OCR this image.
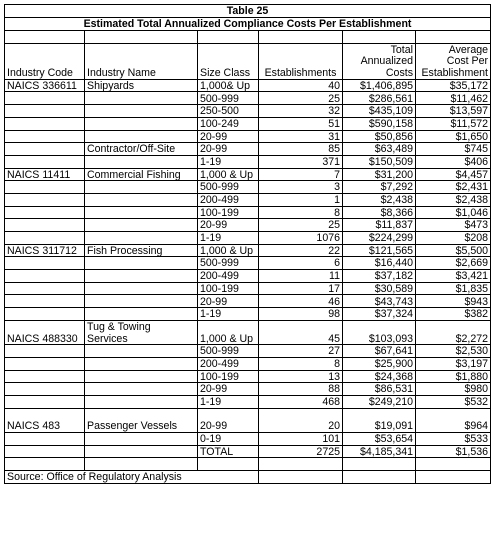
Table 25					
Estimated Total Annualized Compliance Costs Per Establishment					

				Total	Average
				Annualized	Cost Per
Industry Code	Industry Name	Size Class	Establishments	Costs	Establishment
NAICS 336611	Shipyards	1,000& Up	40	$1,406,895	$35,172
		500-999	25	$286,561	$11,462
		250-500	32	$435,109	$13,597
		100-249	51	$590,158	$11,572
		20-99	31	$50,856	$1,650
	Contractor/Off-Site	20-99	85	$63,489	$745
		1-19	371	$150,509	$406
NAICS 11411	Commercial Fishing	1,000 & Up	7	$31,200	$4,457
		500-999	3	$7,292	$2,431
		200-499	1	$2,438	$2,438
		100-199	8	$8,366	$1,046
		20-99	25	$11,837	$473
		1-19	1076	$224,299	$208
NAICS 311712	Fish Processing	1,000 & Up	22	$121,565	$5,500
		500-999	6	$16,440	$2,669
		200-499	11	$37,182	$3,421
		100-199	17	$30,589	$1,835
		20-99	46	$43,743	$943
		1-19	98	$37,324	$382
	Tug & Towing				
NAICS 488330	Services	1,000 & Up	45	$103,093	$2,272
		500-999	27	$67,641	$2,530
		200-499	8	$25,900	$3,197
		100-199	13	$24,368	$1,880
		20-99	88	$86,531	$980
		1-19	468	$249,210	$532

NAICS 483	Passenger Vessels	20-99	20	$19,091	$964
		0-19	101	$53,654	$533
		TOTAL	2725	$4,185,341	$1,536

Source: Office of Regulatory Analysis					
